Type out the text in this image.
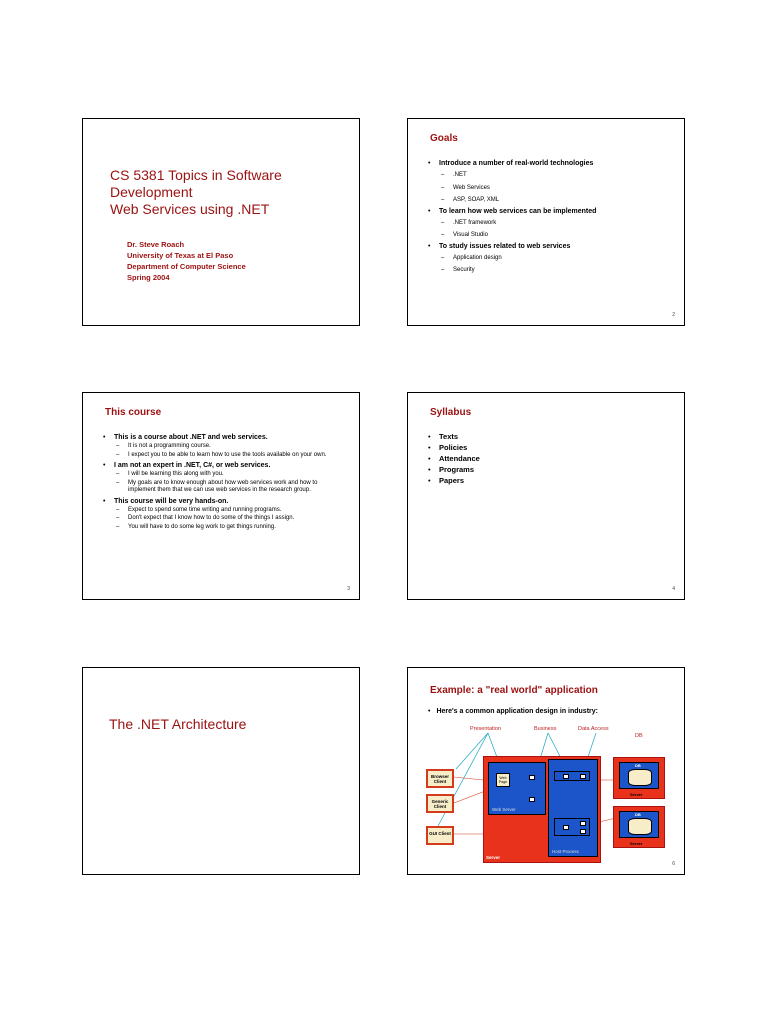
CS 5381 Topics in Software
Development
Web Services using .NET
Dr. Steve Roach
University of Texas at El Paso
Department of Computer Science
Spring 2004
Goals
• Introduce a number of real-world technologies
– .NET
– Web Services
– ASP, SOAP, XML
• To learn how web services can be implemented
– .NET framework
– Visual Studio
• To study issues related to web services
– Application design
– Security
2
This course
• This is a course about .NET and web services.
– It is not a programming course.
– I expect you to be able to learn how to use the tools available on your own.
• I am not an expert in .NET, C#, or web services.
– I will be learning this along with you.
– My goals are to know enough about how web services work and how to implement them that we can use web services in the research group.
• This course will be very hands-on.
– Expect to spend some time writing and running programs.
– Don't expect that I know how to do some of the things I assign.
– You will have to do some leg work to get things running.
3
Syllabus
• Texts
• Policies
• Attendance
• Programs
• Papers
4
The .NET Architecture
Example: a "real world" application
• Here's a common application design in industry:
Presentation	Business	Data Access
DB
Browser Client
Generic Client
GUI Client
Server
Web Page
Web Server
Host Process
DB
Server
DB
Server
6
